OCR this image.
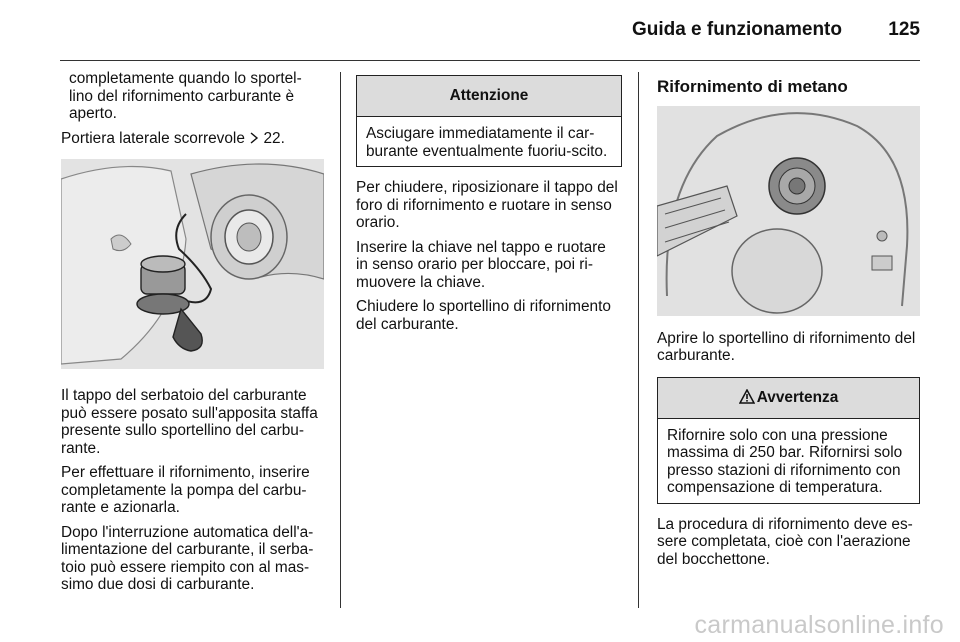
Guida e funzionamento 125

completamente quando lo sportel-lino del rifornimento carburante è aperto.

Portiera laterale scorrevole  22.

Il tappo del serbatoio del carburante può essere posato sull'apposita staffa presente sullo sportellino del carbu-rante.

Per effettuare il rifornimento, inserire completamente la pompa del carbu-rante e azionarla.

Dopo l'interruzione automatica dell'a-limentazione del carburante, il serba-toio può essere riempito con al mas-simo due dosi di carburante.

Attenzione
Asciugare immediatamente il car-burante eventualmente fuoriu-scito.

Per chiudere, riposizionare il tappo del foro di rifornimento e ruotare in senso orario.

Inserire la chiave nel tappo e ruotare in senso orario per bloccare, poi ri-muovere la chiave.

Chiudere lo sportellino di rifornimento del carburante.

Rifornimento di metano

Aprire lo sportellino di rifornimento del carburante.

Avvertenza
Rifornire solo con una pressione massima di 250 bar. Rifornirsi solo presso stazioni di rifornimento con compensazione di temperatura.

La procedura di rifornimento deve es-sere completata, cioè con l'aerazione del bocchettone.

carmanualsonline.info
